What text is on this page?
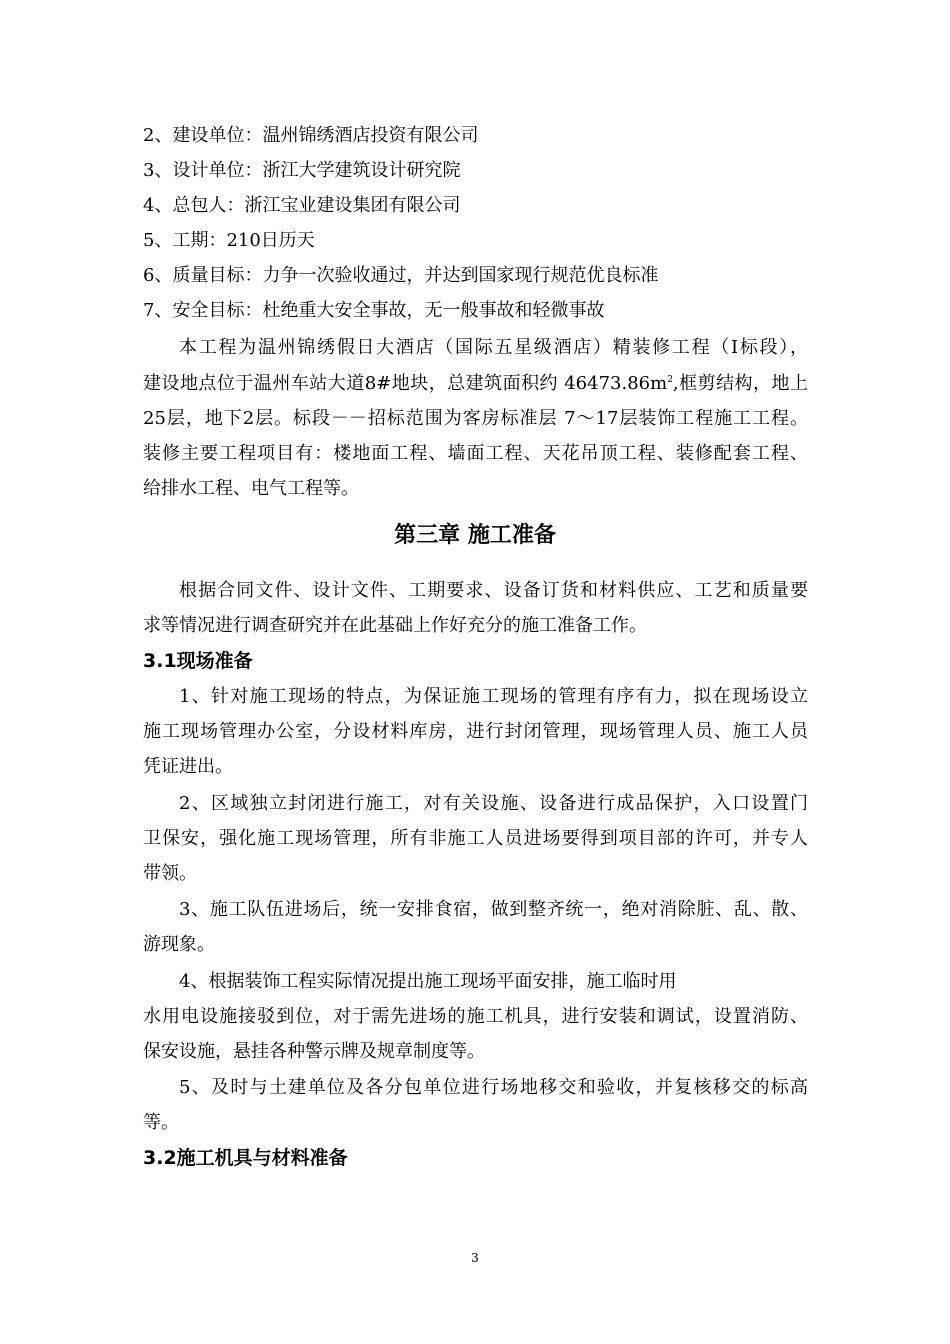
2、建设单位：温州锦绣酒店投资有限公司
3、设计单位：浙江大学建筑设计研究院
4、总包人：浙江宝业建设集团有限公司
5、工期：210日历天
6、质量目标：力争一次验收通过，并达到国家现行规范优良标准
7、安全目标：杜绝重大安全事故，无一般事故和轻微事故
本工程为温州锦绣假日大酒店（国际五星级酒店）精装修工程（Ⅰ标段），
建设地点位于温州车站大道8#地块，总建筑面积约 $46473.86m^2$,框剪结构，地上
25层，地下2层。标段－－招标范围为客房标准层 7～17层装饰工程施工工程。
装修主要工程项目有：楼地面工程、墙面工程、天花吊顶工程、装修配套工程、
给排水工程、电气工程等。
第三章 施工准备
根据合同文件、设计文件、工期要求、设备订货和材料供应、工艺和质量要
求等情况进行调查研究并在此基础上作好充分的施工准备工作。
3.1现场准备
1、针对施工现场的特点，为保证施工现场的管理有序有力，拟在现场设立
施工现场管理办公室，分设材料库房，进行封闭管理，现场管理人员、施工人员
凭证进出。
2、区域独立封闭进行施工，对有关设施、设备进行成品保护，入口设置门
卫保安，强化施工现场管理，所有非施工人员进场要得到项目部的许可，并专人
带领。
3、施工队伍进场后，统一安排食宿，做到整齐统一，绝对消除脏、乱、散、
游现象。
4、根据装饰工程实际情况提出施工现场平面安排，施工临时用
水用电设施接驳到位，对于需先进场的施工机具，进行安装和调试，设置消防、
保安设施，悬挂各种警示牌及规章制度等。
5、及时与土建单位及各分包单位进行场地移交和验收，并复核移交的标高
等。
3.2施工机具与材料准备
3
